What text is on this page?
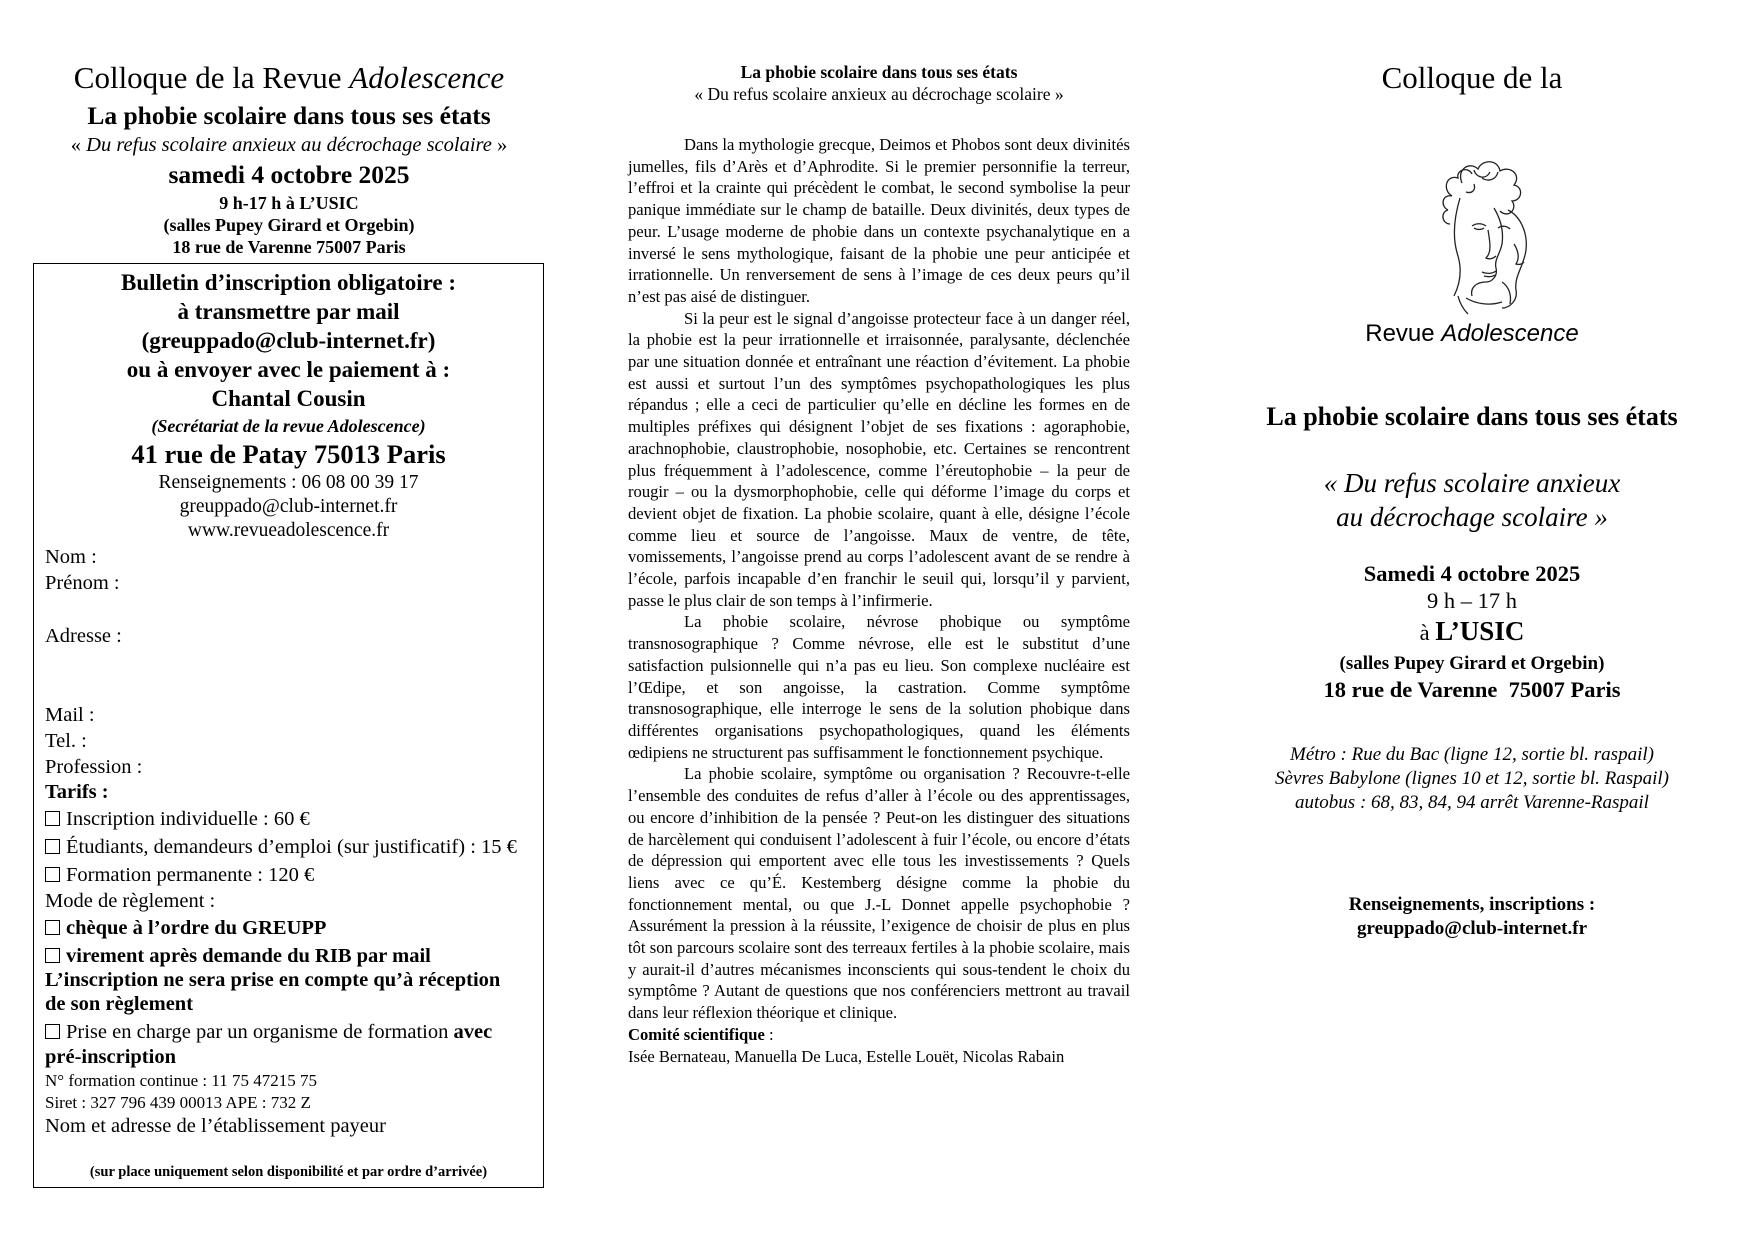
Colloque de la Revue Adolescence
La phobie scolaire dans tous ses états
« Du refus scolaire anxieux au décrochage scolaire »
samedi 4 octobre 2025
9 h-17 h à L’USIC
(salles Pupey Girard et Orgebin)
18 rue de Varenne 75007 Paris
Bulletin d’inscription obligatoire :
à transmettre par mail
(greuppado@club-internet.fr)
ou à envoyer avec le paiement à :
Chantal Cousin
(Secrétariat de la revue Adolescence)
41 rue de Patay 75013 Paris
Renseignements : 06 08 00 39 17
greuppado@club-internet.fr
www.revueadolescence.fr
Nom :
Prénom :
Adresse :
Mail :
Tel. :
Profession :
Tarifs :
Inscription individuelle : 60 €
Étudiants, demandeurs d’emploi (sur justificatif) : 15 €
Formation permanente : 120 €
Mode de règlement :
chèque à l’ordre du GREUPP
virement après demande du RIB par mail
L’inscription ne sera prise en compte qu’à réception
de son règlement
Prise en charge par un organisme de formation avec
pré-inscription
N° formation continue : 11 75 47215 75
Siret : 327 796 439 00013 APE : 732 Z
Nom et adresse de l’établissement payeur
(sur place uniquement selon disponibilité et par ordre d’arrivée)
La phobie scolaire dans tous ses états
« Du refus scolaire anxieux au décrochage scolaire »

Dans la mythologie grecque, Deimos et Phobos sont deux divinités jumelles, fils d’Arès et d’Aphrodite. Si le premier personnifie la terreur, l’effroi et la crainte qui précèdent le combat, le second symbolise la peur panique immédiate sur le champ de bataille. Deux divinités, deux types de peur. L’usage moderne de phobie dans un contexte psychanalytique en a inversé le sens mythologique, faisant de la phobie une peur anticipée et irrationnelle. Un renversement de sens à l’image de ces deux peurs qu’il n’est pas aisé de distinguer.

Si la peur est le signal d’angoisse protecteur face à un danger réel, la phobie est la peur irrationnelle et irraisonnée, paralysante, déclenchée par une situation donnée et entraînant une réaction d’évitement. La phobie est aussi et surtout l’un des symptômes psychopathologiques les plus répandus ; elle a ceci de particulier qu’elle en décline les formes en de multiples préfixes qui désignent l’objet de ses fixations : agoraphobie, arachnophobie, claustrophobie, nosophobie, etc. Certaines se rencontrent plus fréquemment à l’adolescence, comme l’éreutophobie – la peur de rougir – ou la dysmorphophobie, celle qui déforme l’image du corps et devient objet de fixation. La phobie scolaire, quant à elle, désigne l’école comme lieu et source de l’angoisse. Maux de ventre, de tête, vomissements, l’angoisse prend au corps l’adolescent avant de se rendre à l’école, parfois incapable d’en franchir le seuil qui, lorsqu’il y parvient, passe le plus clair de son temps à l’infirmerie.

La phobie scolaire, névrose phobique ou symptôme transnosographique ? Comme névrose, elle est le substitut d’une satisfaction pulsionnelle qui n’a pas eu lieu. Son complexe nucléaire est l’Œdipe, et son angoisse, la castration. Comme symptôme transnosographique, elle interroge le sens de la solution phobique dans différentes organisations psychopathologiques, quand les éléments œdipiens ne structurent pas suffisamment le fonctionnement psychique.

La phobie scolaire, symptôme ou organisation ? Recouvre-t-elle l’ensemble des conduites de refus d’aller à l’école ou des apprentissages, ou encore d’inhibition de la pensée ? Peut-on les distinguer des situations de harcèlement qui conduisent l’adolescent à fuir l’école, ou encore d’états de dépression qui emportent avec elle tous les investissements ? Quels liens avec ce qu’É. Kestemberg désigne comme la phobie du fonctionnement mental, ou que J.-L Donnet appelle psychophobie ? Assurément la pression à la réussite, l’exigence de choisir de plus en plus tôt son parcours scolaire sont des terreaux fertiles à la phobie scolaire, mais y aurait-il d’autres mécanismes inconscients qui sous-tendent le choix du symptôme ? Autant de questions que nos conférenciers mettront au travail dans leur réflexion théorique et clinique.

Comité scientifique :

Isée Bernateau, Manuella De Luca, Estelle Louët, Nicolas Rabain

Colloque de la
Revue Adolescence
La phobie scolaire dans tous ses états
« Du refus scolaire anxieux
au décrochage scolaire »
Samedi 4 octobre 2025
9 h – 17 h
à L’USIC
(salles Pupey Girard et Orgebin)
18 rue de Varenne  75007 Paris
Métro : Rue du Bac (ligne 12, sortie bl. raspail)
Sèvres Babylone (lignes 10 et 12, sortie bl. Raspail)
autobus : 68, 83, 84, 94 arrêt Varenne-Raspail
Renseignements, inscriptions :
greuppado@club-internet.fr
